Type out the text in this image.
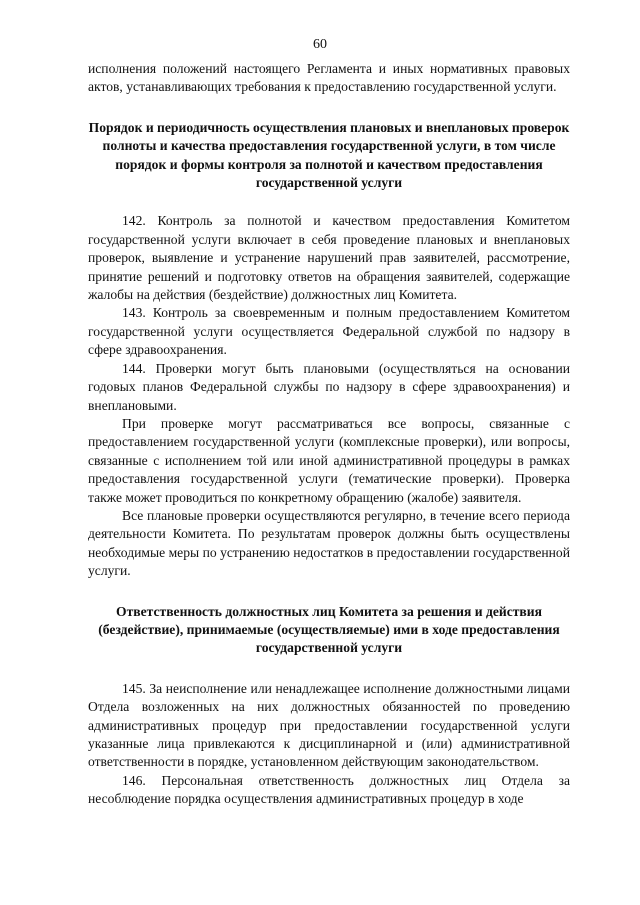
60

исполнения положений настоящего Регламента и иных нормативных правовых актов, устанавливающих требования к предоставлению государственной услуги.

Порядок и периодичность осуществления плановых и внеплановых проверок полноты и качества предоставления государственной услуги, в том числе порядок и формы контроля за полнотой и качеством предоставления государственной услуги

142. Контроль за полнотой и качеством предоставления Комитетом государственной услуги включает в себя проведение плановых и внеплановых проверок, выявление и устранение нарушений прав заявителей, рассмотрение, принятие решений и подготовку ответов на обращения заявителей, содержащие жалобы на действия (бездействие) должностных лиц Комитета.

143. Контроль за своевременным и полным предоставлением Комитетом государственной услуги осуществляется Федеральной службой по надзору в сфере здравоохранения.

144. Проверки могут быть плановыми (осуществляться на основании годовых планов Федеральной службы по надзору в сфере здравоохранения) и внеплановыми.

При проверке могут рассматриваться все вопросы, связанные с предоставлением государственной услуги (комплексные проверки), или вопросы, связанные с исполнением той или иной административной процедуры в рамках предоставления государственной услуги (тематические проверки). Проверка также может проводиться по конкретному обращению (жалобе) заявителя.

Все плановые проверки осуществляются регулярно, в течение всего периода деятельности Комитета. По результатам проверок должны быть осуществлены необходимые меры по устранению недостатков в предоставлении государственной услуги.

Ответственность должностных лиц Комитета за решения и действия (бездействие), принимаемые (осуществляемые) ими в ходе предоставления государственной услуги

145. За неисполнение или ненадлежащее исполнение должностными лицами Отдела возложенных на них должностных обязанностей по проведению административных процедур при предоставлении государственной услуги указанные лица привлекаются к дисциплинарной и (или) административной ответственности в порядке, установленном действующим законодательством.

146. Персональная ответственность должностных лиц Отдела за несоблюдение порядка осуществления административных процедур в ходе
